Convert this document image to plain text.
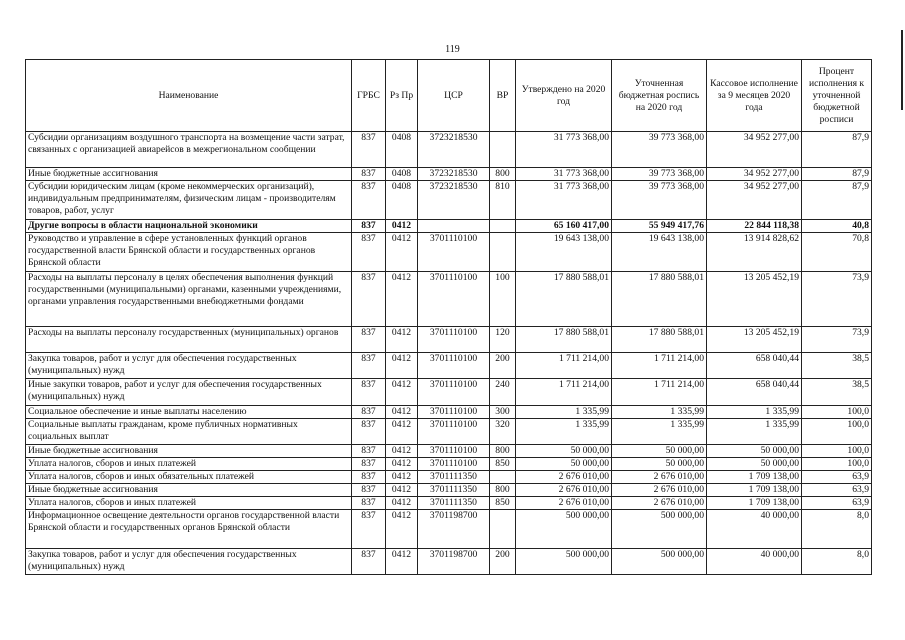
119
Наименование	ГРБС	Рз Пр	ЦСР	ВР	Утверждено на 2020 год	Уточненная бюджетная роспись на 2020 год	Кассовое исполнение за 9 месяцев 2020 года	Процент исполнения к уточненной бюджетной росписи
Субсидии организациям воздушного транспорта на возмещение части затрат, связанных с организацией авиарейсов в межрегиональном сообщении	837	0408	3723218530		31 773 368,00	39 773 368,00	34 952 277,00	87,9
Иные бюджетные ассигнования	837	0408	3723218530	800	31 773 368,00	39 773 368,00	34 952 277,00	87,9
Субсидии юридическим лицам (кроме некоммерческих организаций), индивидуальным предпринимателям, физическим лицам - производителям товаров, работ, услуг	837	0408	3723218530	810	31 773 368,00	39 773 368,00	34 952 277,00	87,9
Другие вопросы в области национальной экономики	837	0412			65 160 417,00	55 949 417,76	22 844 118,38	40,8
Руководство и управление в сфере установленных функций органов государственной власти Брянской области и государственных органов Брянской области	837	0412	3701110100		19 643 138,00	19 643 138,00	13 914 828,62	70,8
Расходы на выплаты персоналу в целях обеспечения выполнения функций государственными (муниципальными) органами, казенными учреждениями, органами управления государственными внебюджетными фондами	837	0412	3701110100	100	17 880 588,01	17 880 588,01	13 205 452,19	73,9
Расходы на выплаты персоналу государственных (муниципальных) органов	837	0412	3701110100	120	17 880 588,01	17 880 588,01	13 205 452,19	73,9
Закупка товаров, работ и услуг для обеспечения государственных (муниципальных) нужд	837	0412	3701110100	200	1 711 214,00	1 711 214,00	658 040,44	38,5
Иные закупки товаров, работ и услуг для обеспечения государственных (муниципальных) нужд	837	0412	3701110100	240	1 711 214,00	1 711 214,00	658 040,44	38,5
Социальное обеспечение и иные выплаты населению	837	0412	3701110100	300	1 335,99	1 335,99	1 335,99	100,0
Социальные выплаты гражданам, кроме публичных нормативных социальных выплат	837	0412	3701110100	320	1 335,99	1 335,99	1 335,99	100,0
Иные бюджетные ассигнования	837	0412	3701110100	800	50 000,00	50 000,00	50 000,00	100,0
Уплата налогов, сборов и иных платежей	837	0412	3701110100	850	50 000,00	50 000,00	50 000,00	100,0
Уплата налогов, сборов и иных обязательных платежей	837	0412	3701111350		2 676 010,00	2 676 010,00	1 709 138,00	63,9
Иные бюджетные ассигнования	837	0412	3701111350	800	2 676 010,00	2 676 010,00	1 709 138,00	63,9
Уплата налогов, сборов и иных платежей	837	0412	3701111350	850	2 676 010,00	2 676 010,00	1 709 138,00	63,9
Информационное освещение деятельности органов государственной власти Брянской области и государственных органов Брянской области	837	0412	3701198700		500 000,00	500 000,00	40 000,00	8,0
Закупка товаров, работ и услуг для обеспечения государственных (муниципальных) нужд	837	0412	3701198700	200	500 000,00	500 000,00	40 000,00	8,0
